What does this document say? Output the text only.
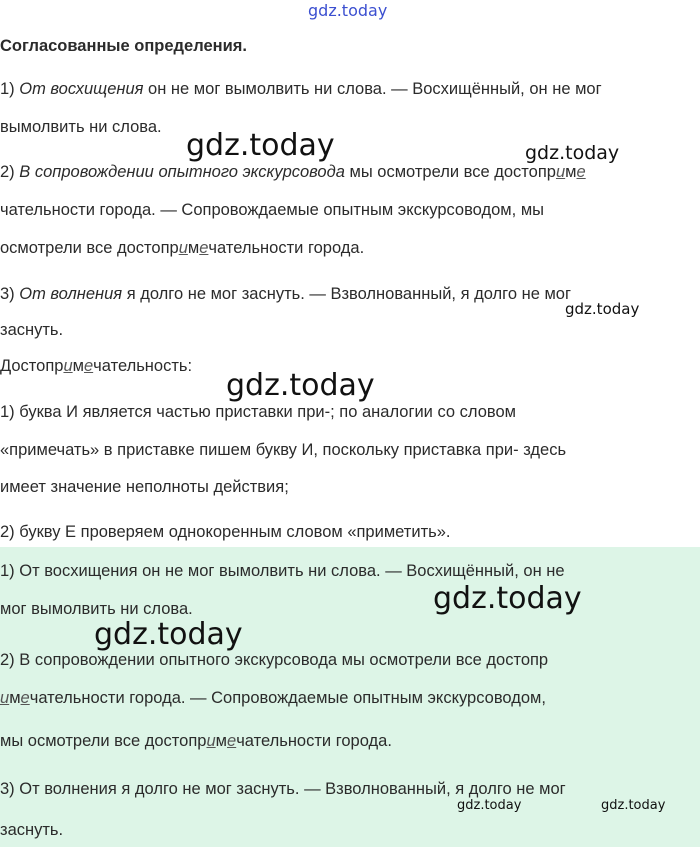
gdz.today
gdz.today	gdz.today
gdz.today
gdz.today
gdz.today
gdz.today
gdz.today	gdz.today
Согласованные определения.
1) От восхищения он не мог вымолвить ни слова. — Восхищённый, он не мог
вымолвить ни слова.
2) В сопровождении опытного экскурсовода мы осмотрели все достоприме
чательности города. — Сопровождаемые опытным экскурсоводом, мы
осмотрели все достопримечательности города.
3) От волнения я долго не мог заснуть. — Взволнованный, я долго не мог
заснуть.
Достопримечательность:
1) буква И является частью приставки при-; по аналогии со словом
«примечать» в приставке пишем букву И, поскольку приставка при- здесь
имеет значение неполноты действия;
2) букву Е проверяем однокоренным словом «приметить».
1) От восхищения он не мог вымолвить ни слова. — Восхищённый, он не
мог вымолвить ни слова.
2) В сопровождении опытного экскурсовода мы осмотрели все достопр
имечательности города. — Сопровождаемые опытным экскурсоводом,
мы осмотрели все достопримечательности города.
3) От волнения я долго не мог заснуть. — Взволнованный, я долго не мог
заснуть.
